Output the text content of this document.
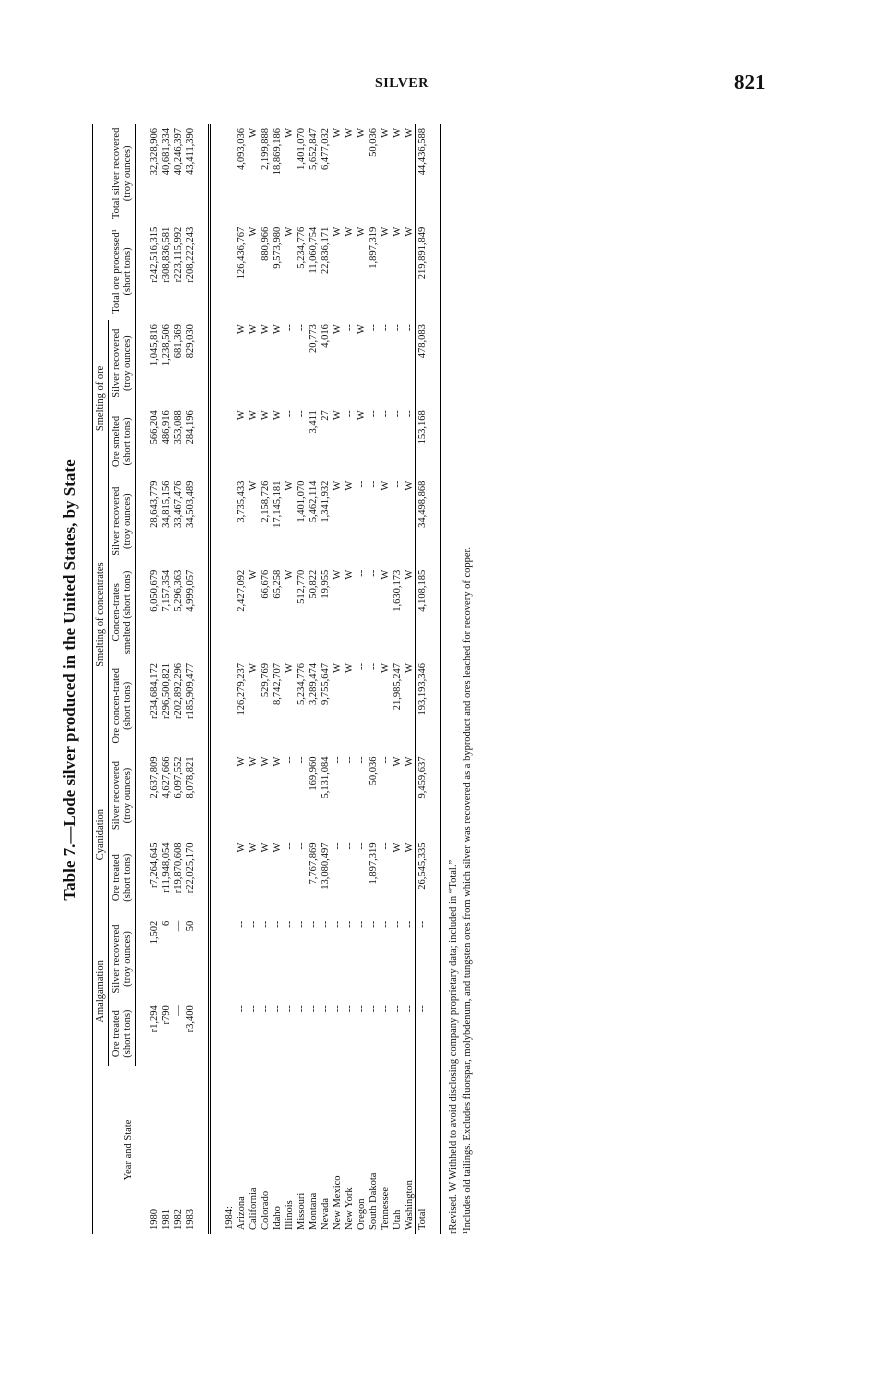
SILVER	821
Table 7.—Lode silver produced in the United States, by State
Year and State	Amalgamation		Cyanidation		Smelting of concentrates			Smelting of ore			
	Ore treated (short tons)	Silver recovered (troy ounces)	Ore treated (short tons)	Silver recovered (troy ounces)	Ore concen-trated (short tons)	Concen-trates smelted (short tons)	Silver recovered (troy ounces)	Ore smelted (short tons)	Silver recovered (troy ounces)	Total ore processed¹ (short tons)	Total silver recovered (troy ounces)

1980	r1,294	1,502	r7,264,645	2,637,809	r234,684,172	6,050,679	28,643,779	566,204	1,045,816	r242,516,315	32,328,906
1981	r790	6	r11,948,054	4,627,666	r296,500,821	7,157,354	34,815,156	486,916	1,238,506	r308,836,581	40,681,334
1982	—	—	r19,870,608	6,097,552	r202,892,296	5,296,363	33,467,476	353,088	681,369	r223,115,992	40,246,397
1983	r3,400	50	r22,025,170	8,078,821	r185,909,477	4,999,057	34,503,489	284,196	829,030	r208,222,243	43,411,390

1984:											
Arizona	--	--	W	W	126,279,237	2,427,092	3,735,433	W	W	126,436,767	4,093,036
California	--	--	W	W	W	W	W	W	W	W	W
Colorado	--	--	W	W	529,769	66,676	2,158,726	W	W	880,966	2,199,888
Idaho	--	--	W	W	8,742,707	65,258	17,145,181	W	W	9,573,980	18,869,186
Illinois	--	--	--	--	W	W	W	--	--	W	W
Missouri	--	--	--	--	5,234,776	512,770	1,401,070	--	--	5,234,776	1,401,070
Montana	--	--	7,767,869	169,960	3,289,474	50,822	5,462,114	3,411	20,773	11,060,754	5,652,847
Nevada	--	--	13,080,497	5,131,084	9,755,647	19,955	1,341,932	27	4,016	22,836,171	6,477,032
New Mexico	--	--	--	--	W	W	W	W	W	W	W
New York	--	--	--	--	W	W	W	--	--	W	W
Oregon	--	--	--	--	--	--	--	W	W	W	W
South Dakota	--	--	1,897,319	50,036	--	--	--	--	--	1,897,319	50,036
Tennessee	--	--	--	--	W	W	W	--	--	W	W
Utah	--	--	W	W	21,985,247	1,630,173	--	--	--	W	W
Washington	--	--	W	W	W	W	W	--	--	W	W
Total	--	--	26,545,335	9,459,637	193,193,346	4,108,185	34,498,868	153,168	478,083	219,891,849	44,436,588

rRevised. W Withheld to avoid disclosing company proprietary data; included in “Total.” ¹Includes old tailings. Excludes fluorspar, molybdenum, and tungsten ores from which silver was recovered as a byproduct and ores leached for recovery of copper.
